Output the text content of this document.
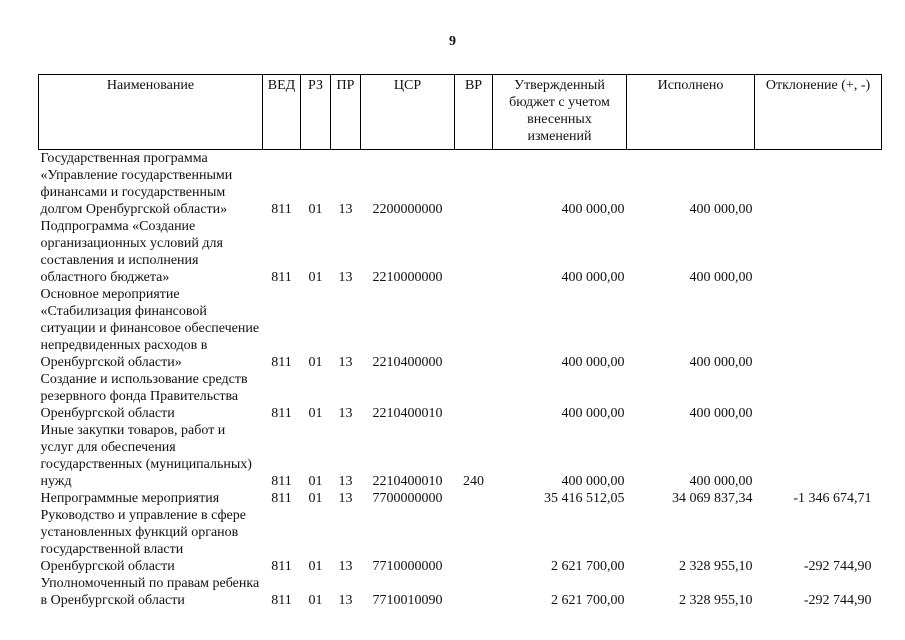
9
Наименование	ВЕД	РЗ	ПР	ЦСР	ВР	Утвержденный бюджет с учетом внесенных изменений	Исполнено	Отклонение (+, -)
Государственная программа «Управление государственными финансами и государственным долгом Оренбургской области»	811	01	13	2200000000		400 000,00	400 000,00	
Подпрограмма «Создание организационных условий для составления и исполнения областного бюджета»	811	01	13	2210000000		400 000,00	400 000,00	
Основное мероприятие «Стабилизация финансовой ситуации и финансовое обеспечение непредвиденных расходов в Оренбургской области»	811	01	13	2210400000		400 000,00	400 000,00	
Создание и использование средств резервного фонда Правительства Оренбургской области	811	01	13	2210400010		400 000,00	400 000,00	
Иные закупки товаров, работ и услуг для обеспечения государственных (муниципальных) нужд	811	01	13	2210400010	240	400 000,00	400 000,00	
Непрограммные мероприятия	811	01	13	7700000000		35 416 512,05	34 069 837,34	-1 346 674,71
Руководство и управление в сфере установленных функций органов государственной власти Оренбургской области	811	01	13	7710000000		2 621 700,00	2 328 955,10	-292 744,90
Уполномоченный по правам ребенка в Оренбургской области	811	01	13	7710010090		2 621 700,00	2 328 955,10	-292 744,90
